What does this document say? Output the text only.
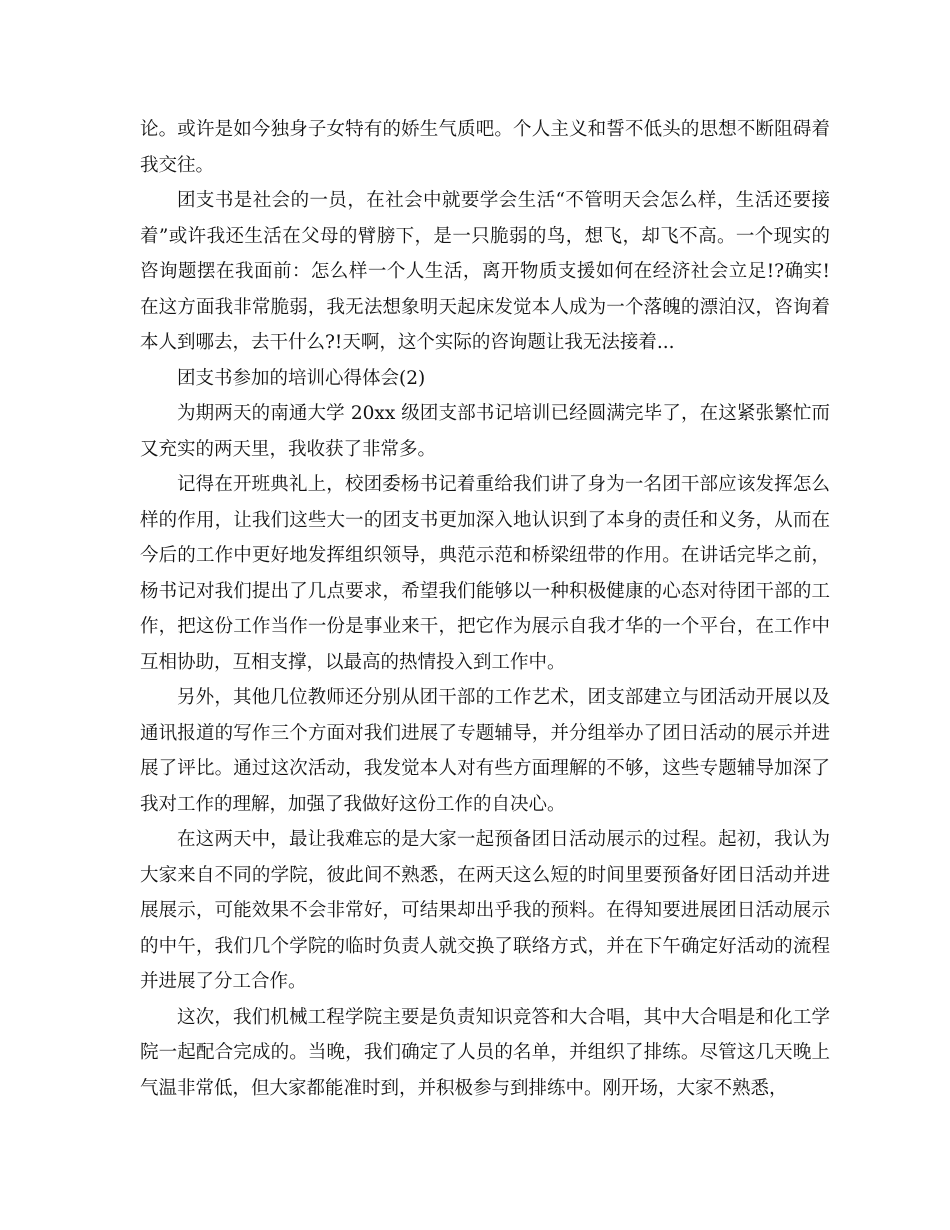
论。或许是如今独身子女特有的娇生气质吧。个人主义和誓不低头的思想不断阻碍着我交往。

团支书是社会的一员，在社会中就要学会生活“不管明天会怎么样，生活还要接着”或许我还生活在父母的臂膀下，是一只脆弱的鸟，想飞，却飞不高。一个现实的咨询题摆在我面前：怎么样一个人生活，离开物质支援如何在经济社会立足!?确实!在这方面我非常脆弱，我无法想象明天起床发觉本人成为一个落魄的漂泊汉，咨询着本人到哪去，去干什么?!天啊，这个实际的咨询题让我无法接着...

团支书参加的培训心得体会(2)

为期两天的南通大学 20xx 级团支部书记培训已经圆满完毕了，在这紧张繁忙而又充实的两天里，我收获了非常多。

记得在开班典礼上，校团委杨书记着重给我们讲了身为一名团干部应该发挥怎么样的作用，让我们这些大一的团支书更加深入地认识到了本身的责任和义务，从而在今后的工作中更好地发挥组织领导，典范示范和桥梁纽带的作用。在讲话完毕之前，杨书记对我们提出了几点要求，希望我们能够以一种积极健康的心态对待团干部的工作，把这份工作当作一份是事业来干，把它作为展示自我才华的一个平台，在工作中互相协助，互相支撑，以最高的热情投入到工作中。

另外，其他几位教师还分别从团干部的工作艺术，团支部建立与团活动开展以及通讯报道的写作三个方面对我们进展了专题辅导，并分组举办了团日活动的展示并进展了评比。通过这次活动，我发觉本人对有些方面理解的不够，这些专题辅导加深了我对工作的理解，加强了我做好这份工作的自决心。

在这两天中，最让我难忘的是大家一起预备团日活动展示的过程。起初，我认为大家来自不同的学院，彼此间不熟悉，在两天这么短的时间里要预备好团日活动并进展展示，可能效果不会非常好，可结果却出乎我的预料。在得知要进展团日活动展示的中午，我们几个学院的临时负责人就交换了联络方式，并在下午确定好活动的流程并进展了分工合作。

这次，我们机械工程学院主要是负责知识竞答和大合唱，其中大合唱是和化工学院一起配合完成的。当晚，我们确定了人员的名单，并组织了排练。尽管这几天晚上气温非常低，但大家都能准时到，并积极参与到排练中。刚开场，大家不熟悉，
